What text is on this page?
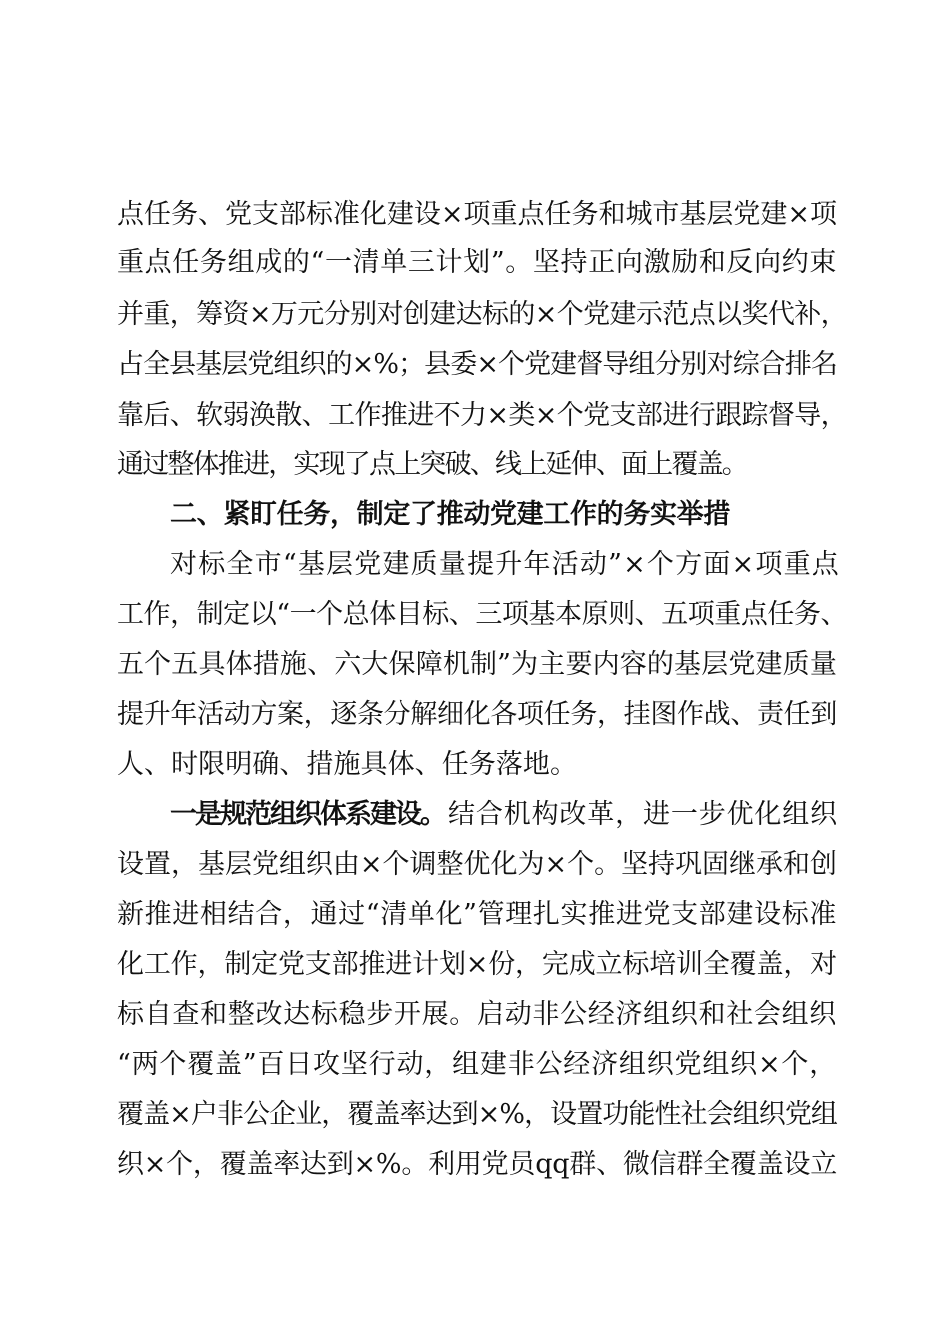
点任务、党支部标准化建设×项重点任务和城市基层党建×项
重点任务组成的“一清单三计划”。坚持正向激励和反向约束
并重，筹资×万元分别对创建达标的×个党建示范点以奖代补，
占全县基层党组织的×%；县委×个党建督导组分别对综合排名
靠后、软弱涣散、工作推进不力×类×个党支部进行跟踪督导，
通过整体推进，实现了点上突破、线上延伸、面上覆盖。
二、紧盯任务，制定了推动党建工作的务实举措
对标全市“基层党建质量提升年活动”×个方面×项重点
工作，制定以“一个总体目标、三项基本原则、五项重点任务、
五个五具体措施、六大保障机制”为主要内容的基层党建质量
提升年活动方案，逐条分解细化各项任务，挂图作战、责任到
人、时限明确、措施具体、任务落地。
一是规范组织体系建设。 结合机构改革，进一步优化组织
设置，基层党组织由×个调整优化为×个。坚持巩固继承和创
新推进相结合，通过“清单化”管理扎实推进党支部建设标准
化工作，制定党支部推进计划×份，完成立标培训全覆盖，对
标自查和整改达标稳步开展。启动非公经济组织和社会组织
“两个覆盖”百日攻坚行动，组建非公经济组织党组织×个，
覆盖×户非公企业，覆盖率达到×%，设置功能性社会组织党组
织×个，覆盖率达到×%。利用党员qq群、微信群全覆盖设立
